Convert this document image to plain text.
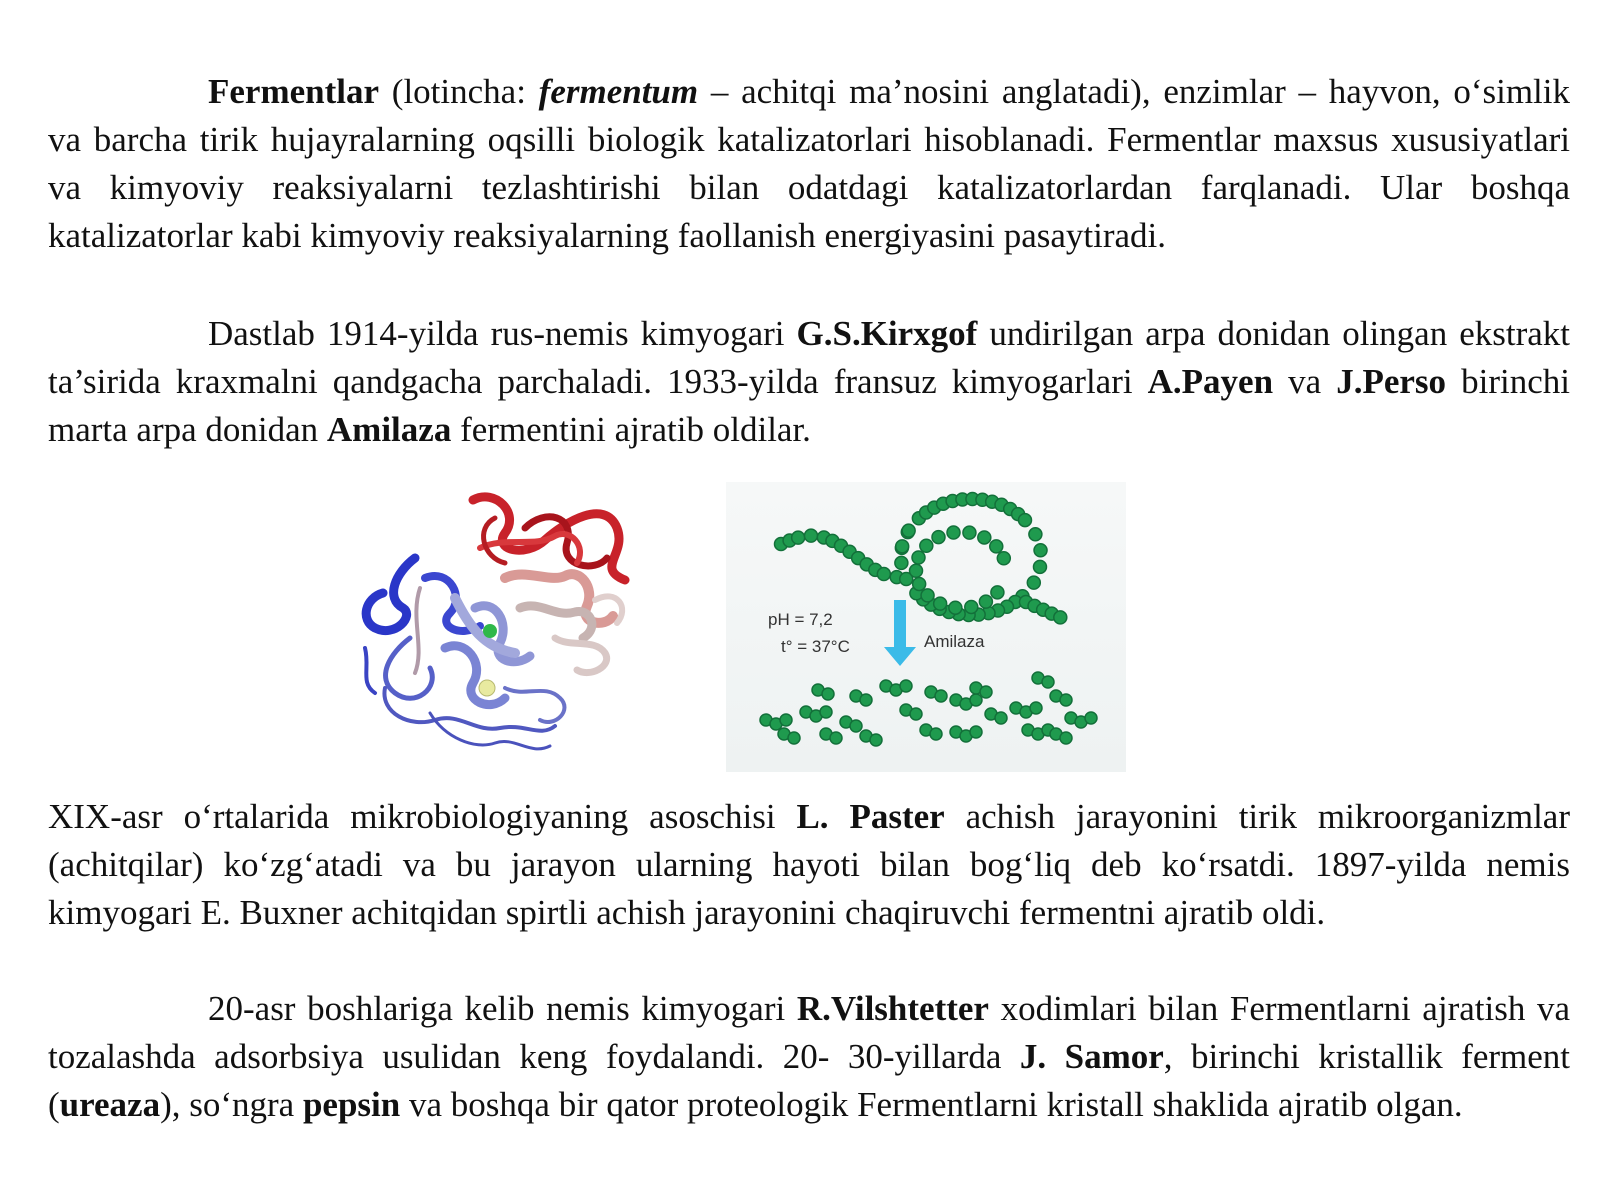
Fermentlar (lotincha: fermentum – achitqi ma’nosini anglatadi), enzimlar – hayvon, o‘simlik va barcha tirik hujayralarning oqsilli biologik katalizatorlari hisoblanadi. Fermentlar maxsus xususiyatlari va kimyoviy reaksiyalarni tezlashtirishi bilan odatdagi katalizatorlardan farqlanadi. Ular boshqa katalizatorlar kabi kimyoviy reaksiyalarning faollanish energiyasini pasaytiradi.

Dastlab 1914-yilda rus-nemis kimyogari G.S.Kirxgof undirilgan arpa donidan olingan ekstrakt ta’sirida kraxmalni qandgacha parchaladi. 1933-yilda fransuz kimyogarlari A.Payen va J.Perso birinchi marta arpa donidan Amilaza fermentini ajratib oldilar.

pH = 7,2
t° = 37°C	Amilaza

XIX-asr o‘rtalarida mikrobiologiyaning asoschisi L. Paster achish jarayonini tirik mikroorganizmlar (achitqilar) ko‘zg‘atadi va bu jarayon ularning hayoti bilan bog‘liq deb ko‘rsatdi. 1897-yilda nemis kimyogari E. Buxner achitqidan spirtli achish jarayonini chaqiruvchi fermentni ajratib oldi.

20-asr boshlariga kelib nemis kimyogari R.Vilshtetter xodimlari bilan Fermentlarni ajratish va tozalashda adsorbsiya usulidan keng foydalandi. 20- 30-yillarda J. Samor, birinchi kristallik ferment (ureaza), so‘ngra pepsin va boshqa bir qator proteologik Fermentlarni kristall shaklida ajratib olgan.
